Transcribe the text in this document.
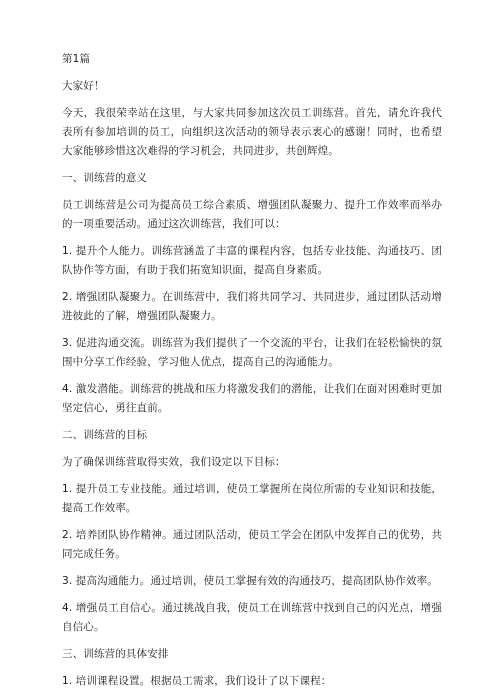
第1篇

大家好！

今天，我很荣幸站在这里，与大家共同参加这次员工训练营。首先，请允许我代表所有参加培训的员工，向组织这次活动的领导表示衷心的感谢！同时，也希望大家能够珍惜这次难得的学习机会，共同进步，共创辉煌。

一、训练营的意义

员工训练营是公司为提高员工综合素质、增强团队凝聚力、提升工作效率而举办的一项重要活动。通过这次训练营，我们可以：

1. 提升个人能力。训练营涵盖了丰富的课程内容，包括专业技能、沟通技巧、团队协作等方面，有助于我们拓宽知识面，提高自身素质。

2. 增强团队凝聚力。在训练营中，我们将共同学习、共同进步，通过团队活动增进彼此的了解，增强团队凝聚力。

3. 促进沟通交流。训练营为我们提供了一个交流的平台，让我们在轻松愉快的氛围中分享工作经验，学习他人优点，提高自己的沟通能力。

4. 激发潜能。训练营的挑战和压力将激发我们的潜能，让我们在面对困难时更加坚定信心，勇往直前。

二、训练营的目标

为了确保训练营取得实效，我们设定以下目标：

1. 提升员工专业技能。通过培训，使员工掌握所在岗位所需的专业知识和技能，提高工作效率。

2. 培养团队协作精神。通过团队活动，使员工学会在团队中发挥自己的优势，共同完成任务。

3. 提高沟通能力。通过培训，使员工掌握有效的沟通技巧，提高团队协作效率。

4. 增强员工自信心。通过挑战自我，使员工在训练营中找到自己的闪光点，增强自信心。

三、训练营的具体安排

1. 培训课程设置。根据员工需求，我们设计了以下课程：
